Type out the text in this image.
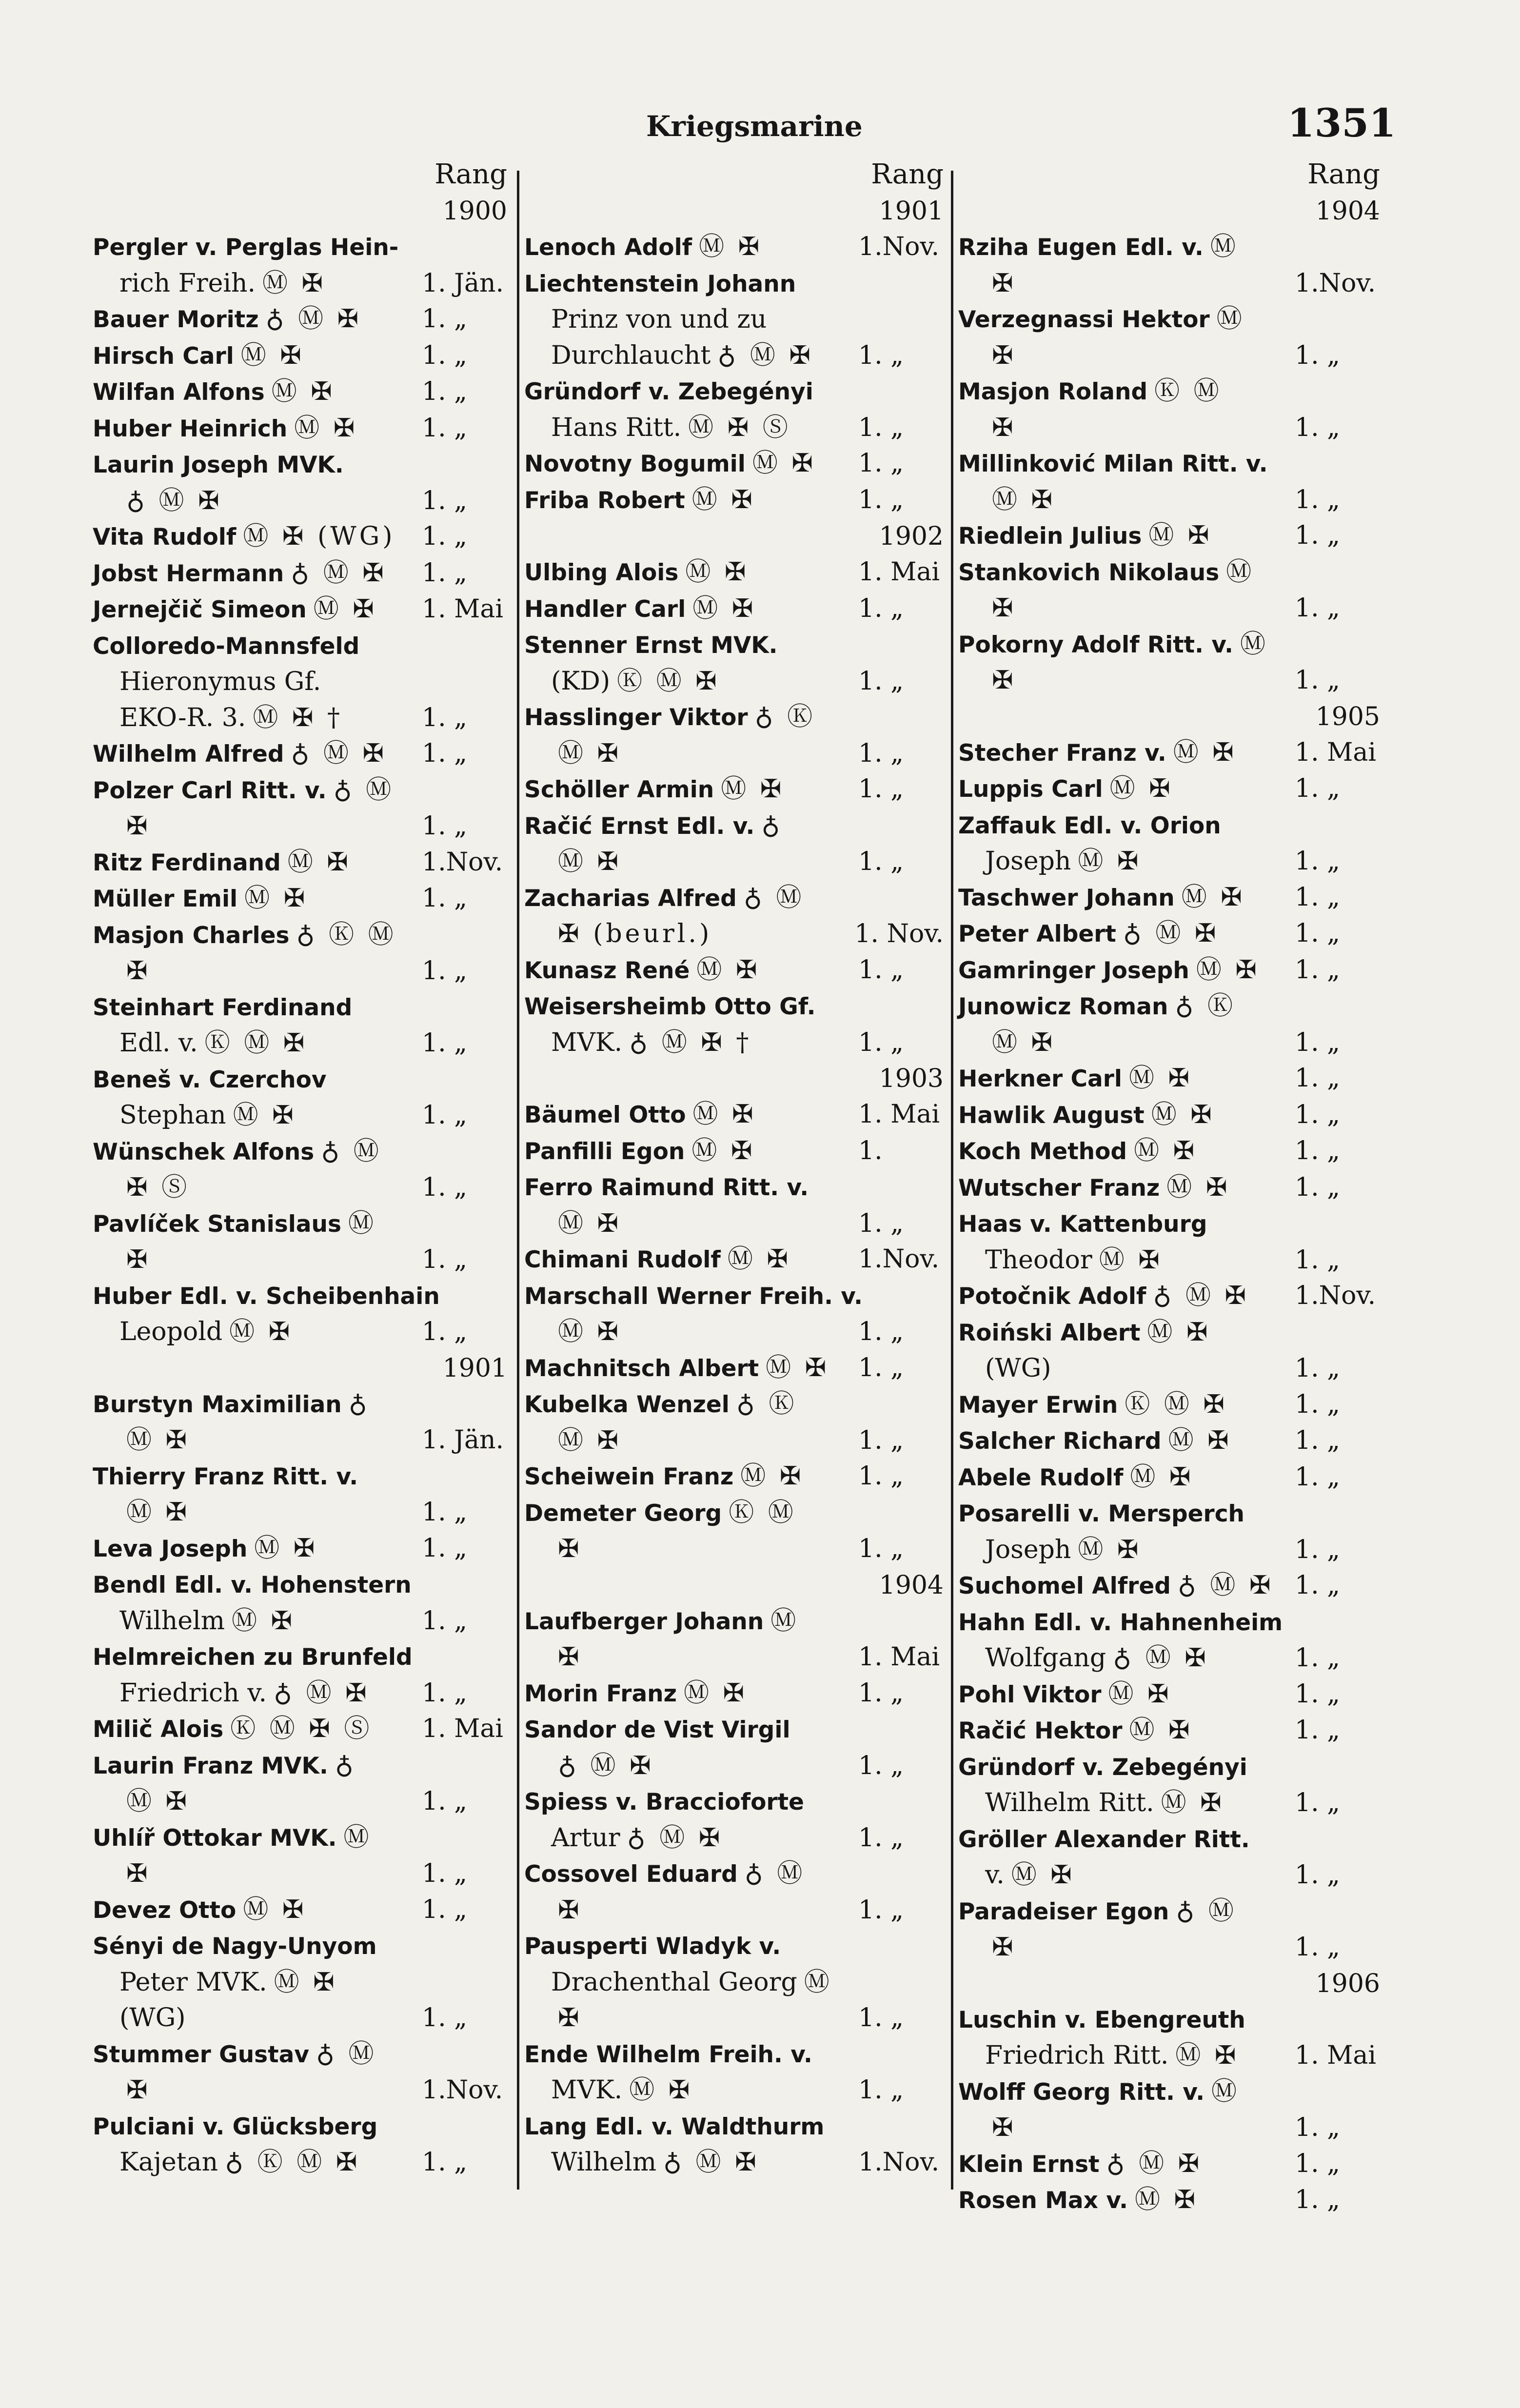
Kriegsmarine	1351
Rang
1900
Pergler v. Perglas Hein-
rich Freih. Ⓜ ✠	1. Jän.
Bauer Moritz ♁ Ⓜ ✠ 1. „
Hirsch Carl Ⓜ ✠	1. „
Wilfan Alfons Ⓜ ✠	1. „
Huber Heinrich Ⓜ ✠	1. „
Laurin Joseph MVK.
♁ Ⓜ ✠	1. „
Vita Rudolf Ⓜ ✠ (WG) 1. „
Jobst Hermann ♁ Ⓜ ✠ 1. „
Jernejčič Simeon Ⓜ ✠ 1. Mai
Colloredo-Mannsfeld
Hieronymus Gf.
EKO-R. 3. Ⓜ ✠ †	1. „
Wilhelm Alfred ♁ Ⓜ ✠ 1. „
Polzer Carl Ritt. v. ♁ Ⓜ
✠	1. „
Ritz Ferdinand Ⓜ ✠	1.Nov.
Müller Emil Ⓜ ✠	1. „
Masjon Charles ♁ Ⓚ Ⓜ
✠	1. „
Steinhart Ferdinand
Edl. v. Ⓚ Ⓜ ✠	1. „
Beneš v. Czerchov
Stephan Ⓜ ✠	1. „
Wünschek Alfons ♁ Ⓜ
✠ Ⓢ	1. „
Pavlíček Stanislaus Ⓜ
✠	1. „
Huber Edl. v. Scheibenhain
Leopold Ⓜ ✠	1. „
1901
Burstyn Maximilian ♁
Ⓜ ✠	1. Jän.
Thierry Franz Ritt. v.
Ⓜ ✠	1. „
Leva Joseph Ⓜ ✠	1. „
Bendl Edl. v. Hohenstern
Wilhelm Ⓜ ✠	1. „
Helmreichen zu Brunfeld
Friedrich v. ♁ Ⓜ ✠ 1. „
Milič Alois Ⓚ Ⓜ ✠ Ⓢ 1. Mai
Laurin Franz MVK. ♁
Ⓜ ✠	1. „
Uhlíř Ottokar MVK. Ⓜ
✠	1. „
Devez Otto Ⓜ ✠	1. „
Sényi de Nagy-Unyom
Peter MVK. Ⓜ ✠
(WG)	1. „
Stummer Gustav ♁ Ⓜ
✠	1.Nov.
Pulciani v. Glücksberg
Kajetan ♁ Ⓚ Ⓜ ✠ 1. „
Rang
1901
Lenoch Adolf Ⓜ ✠	1.Nov.
Liechtenstein Johann
Prinz von und zu
Durchlaucht ♁ Ⓜ ✠ 1. „
Gründorf v. Zebegényi
Hans Ritt. Ⓜ ✠ Ⓢ	1. „
Novotny Bogumil Ⓜ ✠ 1. „
Friba Robert Ⓜ ✠	1. „
1902
Ulbing Alois Ⓜ ✠	1. Mai
Handler Carl Ⓜ ✠	1. „
Stenner Ernst MVK.
(KD) Ⓚ Ⓜ ✠	1. „
Hasslinger Viktor ♁ Ⓚ
Ⓜ ✠	1. „
Schöller Armin Ⓜ ✠	1. „
Račić Ernst Edl. v. ♁
Ⓜ ✠	1. „
Zacharias Alfred ♁ Ⓜ
✠ (beurl.)	1. Nov.
Kunasz René Ⓜ ✠	1. „
Weisersheimb Otto Gf.
MVK. ♁ Ⓜ ✠ †	1. „
1903
Bäumel Otto Ⓜ ✠	1. Mai
Panfilli Egon Ⓜ ✠	1.
Ferro Raimund Ritt. v.
Ⓜ ✠	1. „
Chimani Rudolf Ⓜ ✠	1.Nov.
Marschall Werner Freih. v.
Ⓜ ✠	1. „
Machnitsch Albert Ⓜ ✠ 1. „
Kubelka Wenzel ♁ Ⓚ
Ⓜ ✠	1. „
Scheiwein Franz Ⓜ ✠ 1. „
Demeter Georg Ⓚ Ⓜ
✠	1. „
1904
Laufberger Johann Ⓜ
✠	1. Mai
Morin Franz Ⓜ ✠	1. „
Sandor de Vist Virgil
♁ Ⓜ ✠	1. „
Spiess v. Braccioforte
Artur ♁ Ⓜ ✠	1. „
Cossovel Eduard ♁ Ⓜ
✠	1. „
Pausperti Wladyk v.
Drachenthal Georg Ⓜ
✠	1. „
Ende Wilhelm Freih. v.
MVK. Ⓜ ✠	1. „
Lang Edl. v. Waldthurm
Wilhelm ♁ Ⓜ ✠	1.Nov.
Rang
1904
Rziha Eugen Edl. v. Ⓜ
✠	1.Nov.
Verzegnassi Hektor Ⓜ
✠	1. „
Masjon Roland Ⓚ Ⓜ
✠	1. „
Millinković Milan Ritt. v.
Ⓜ ✠	1. „
Riedlein Julius Ⓜ ✠	1. „
Stankovich Nikolaus Ⓜ
✠	1. „
Pokorny Adolf Ritt. v. Ⓜ
✠	1. „
1905
Stecher Franz v. Ⓜ ✠ 1. Mai
Luppis Carl Ⓜ ✠	1. „
Zaffauk Edl. v. Orion
Joseph Ⓜ ✠	1. „
Taschwer Johann Ⓜ ✠ 1. „
Peter Albert ♁ Ⓜ ✠	1. „
Gamringer Joseph Ⓜ ✠ 1. „
Junowicz Roman ♁ Ⓚ
Ⓜ ✠	1. „
Herkner Carl Ⓜ ✠	1. „
Hawlik August Ⓜ ✠	1. „
Koch Method Ⓜ ✠	1. „
Wutscher Franz Ⓜ ✠	1. „
Haas v. Kattenburg
Theodor Ⓜ ✠	1. „
Potočnik Adolf ♁ Ⓜ ✠ 1.Nov.
Roiński Albert Ⓜ ✠
(WG)	1. „
Mayer Erwin Ⓚ Ⓜ ✠	1. „
Salcher Richard Ⓜ ✠ 1. „
Abele Rudolf Ⓜ ✠	1. „
Posarelli v. Mersperch
Joseph Ⓜ ✠	1. „
Suchomel Alfred ♁ Ⓜ ✠ 1. „
Hahn Edl. v. Hahnenheim
Wolfgang ♁ Ⓜ ✠	1. „
Pohl Viktor Ⓜ ✠	1. „
Račić Hektor Ⓜ ✠	1. „
Gründorf v. Zebegényi
Wilhelm Ritt. Ⓜ ✠	1. „
Gröller Alexander Ritt.
v. Ⓜ ✠	1. „
Paradeiser Egon ♁ Ⓜ
✠	1. „
1906
Luschin v. Ebengreuth
Friedrich Ritt. Ⓜ ✠ 1. Mai
Wolff Georg Ritt. v. Ⓜ
✠	1. „
Klein Ernst ♁ Ⓜ ✠	1. „
Rosen Max v. Ⓜ ✠	1. „
